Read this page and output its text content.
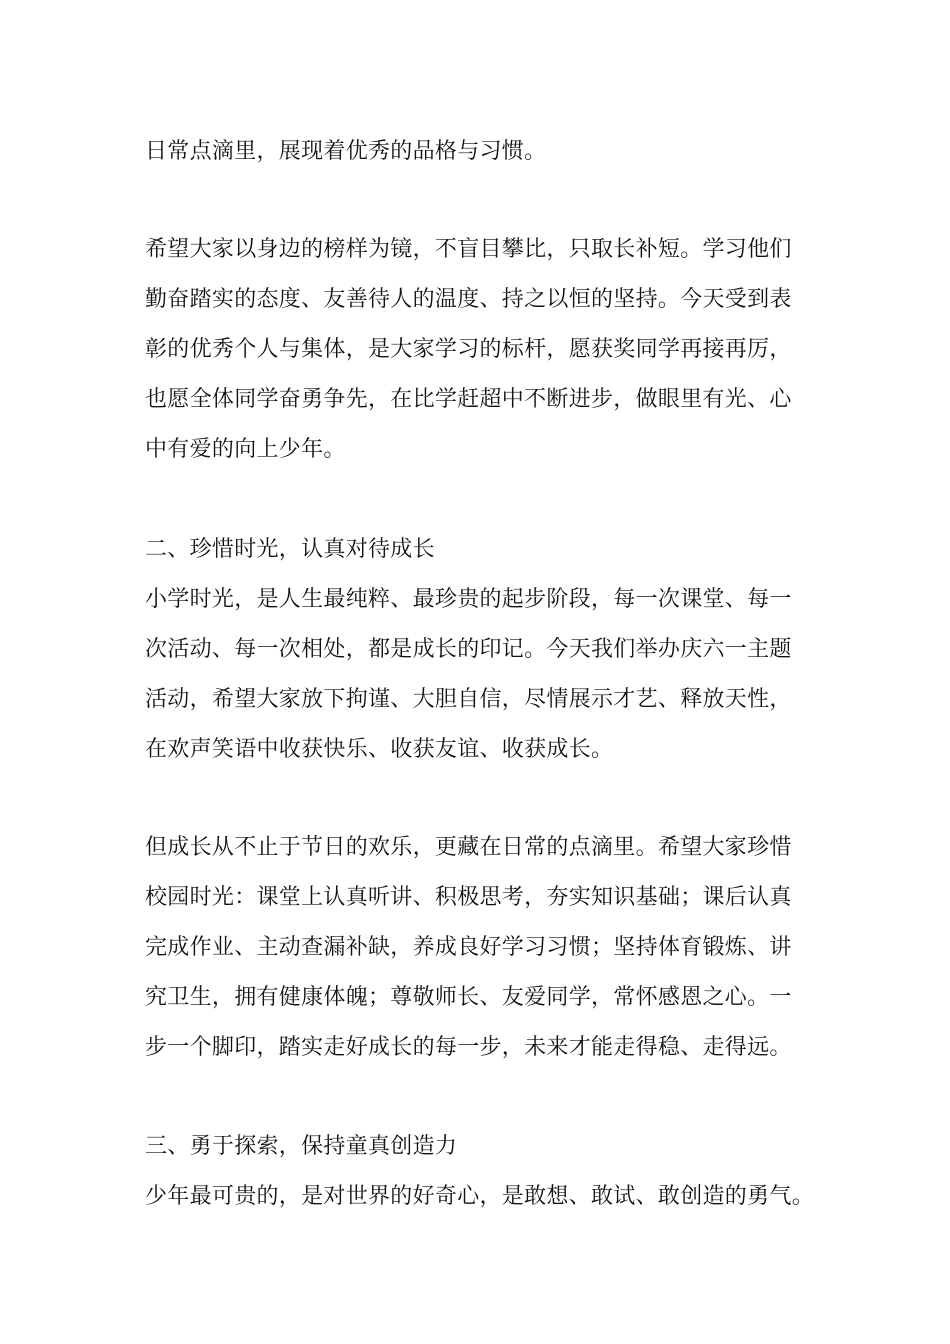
日常点滴里，展现着优秀的品格与习惯。
希望大家以身边的榜样为镜，不盲目攀比，只取长补短。学习他们
勤奋踏实的态度、友善待人的温度、持之以恒的坚持。今天受到表
彰的优秀个人与集体，是大家学习的标杆，愿获奖同学再接再厉，
也愿全体同学奋勇争先，在比学赶超中不断进步，做眼里有光、心
中有爱的向上少年。
二、珍惜时光，认真对待成长
小学时光，是人生最纯粹、最珍贵的起步阶段，每一次课堂、每一
次活动、每一次相处，都是成长的印记。今天我们举办庆六一主题
活动，希望大家放下拘谨、大胆自信，尽情展示才艺、释放天性，
在欢声笑语中收获快乐、收获友谊、收获成长。
但成长从不止于节日的欢乐，更藏在日常的点滴里。希望大家珍惜
校园时光：课堂上认真听讲、积极思考，夯实知识基础；课后认真
完成作业、主动查漏补缺，养成良好学习习惯；坚持体育锻炼、讲
究卫生，拥有健康体魄；尊敬师长、友爱同学，常怀感恩之心。一
步一个脚印，踏实走好成长的每一步，未来才能走得稳、走得远。
三、勇于探索，保持童真创造力
少年最可贵的，是对世界的好奇心，是敢想、敢试、敢创造的勇气。
